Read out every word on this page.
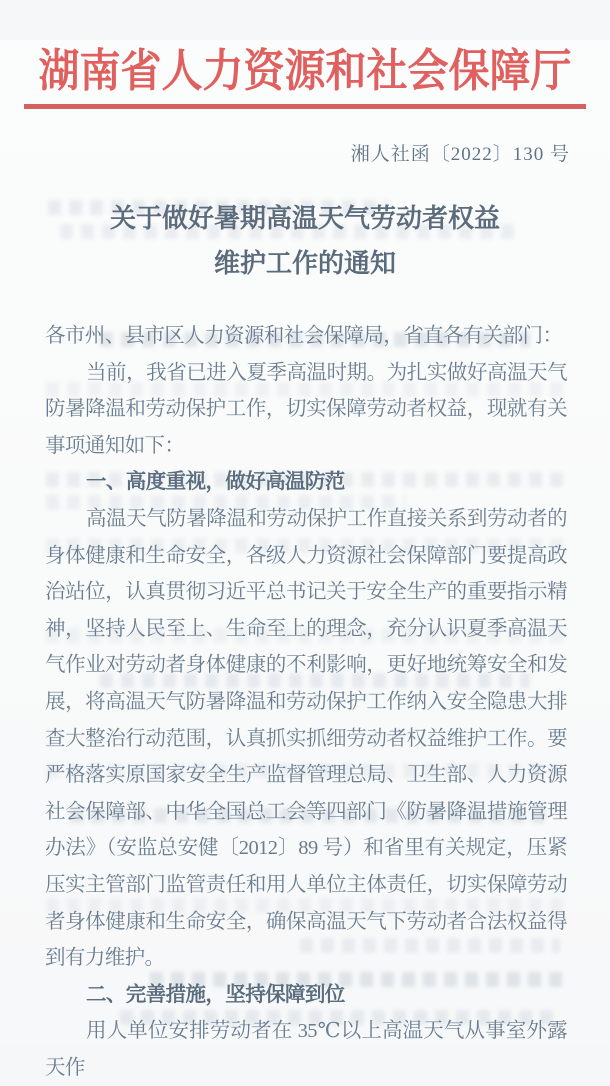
湖南省人力资源和社会保障厅
湘人社函〔2022〕130 号
关于做好暑期高温天气劳动者权益
维护工作的通知

各市州、县市区人力资源和社会保障局，省直各有关部门：

当前，我省已进入夏季高温时期。为扎实做好高温天气防暑降温和劳动保护工作，切实保障劳动者权益，现就有关事项通知如下：

一、高度重视，做好高温防范

高温天气防暑降温和劳动保护工作直接关系到劳动者的身体健康和生命安全，各级人力资源社会保障部门要提高政治站位，认真贯彻习近平总书记关于安全生产的重要指示精神，坚持人民至上、生命至上的理念，充分认识夏季高温天气作业对劳动者身体健康的不利影响，更好地统筹安全和发展，将高温天气防暑降温和劳动保护工作纳入安全隐患大排查大整治行动范围，认真抓实抓细劳动者权益维护工作。要严格落实原国家安全生产监督管理总局、卫生部、人力资源社会保障部、中华全国总工会等四部门《防暑降温措施管理办法》（安监总安健〔2012〕89 号）和省里有关规定，压紧压实主管部门监管责任和用人单位主体责任，切实保障劳动者身体健康和生命安全，确保高温天气下劳动者合法权益得到有力维护。

二、完善措施，坚持保障到位

用人单位安排劳动者在 35℃以上高温天气从事室外露天作
